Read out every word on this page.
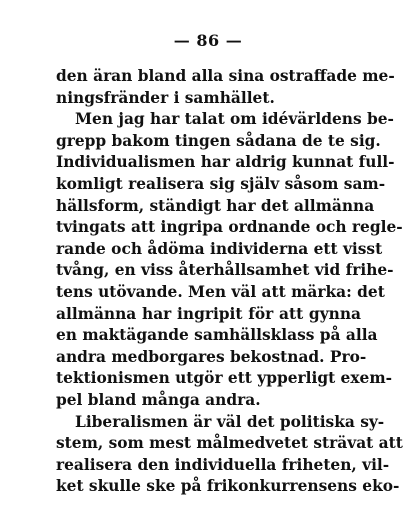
— 86 —
den äran bland alla sina ostraffade me-
ningsfränder i samhället.
Men jag har talat om idévärldens be-
grepp bakom tingen sådana de te sig.
Individualismen har aldrig kunnat full-
komligt realisera sig själv såsom sam-
hällsform, ständigt har det allmänna
tvingats att ingripa ordnande och regle-
rande och ådöma individerna ett visst
tvång, en viss återhållsamhet vid frihe-
tens utövande. Men väl att märka: det
allmänna har ingripit för att gynna
en maktägande samhällsklass på alla
andra medborgares bekostnad. Pro-
tektionismen utgör ett ypperligt exem-
pel bland många andra.
Liberalismen är väl det politiska sy-
stem, som mest målmedvetet strävat att
realisera den individuella friheten, vil-
ket skulle ske på frikonkurrensens eko-
